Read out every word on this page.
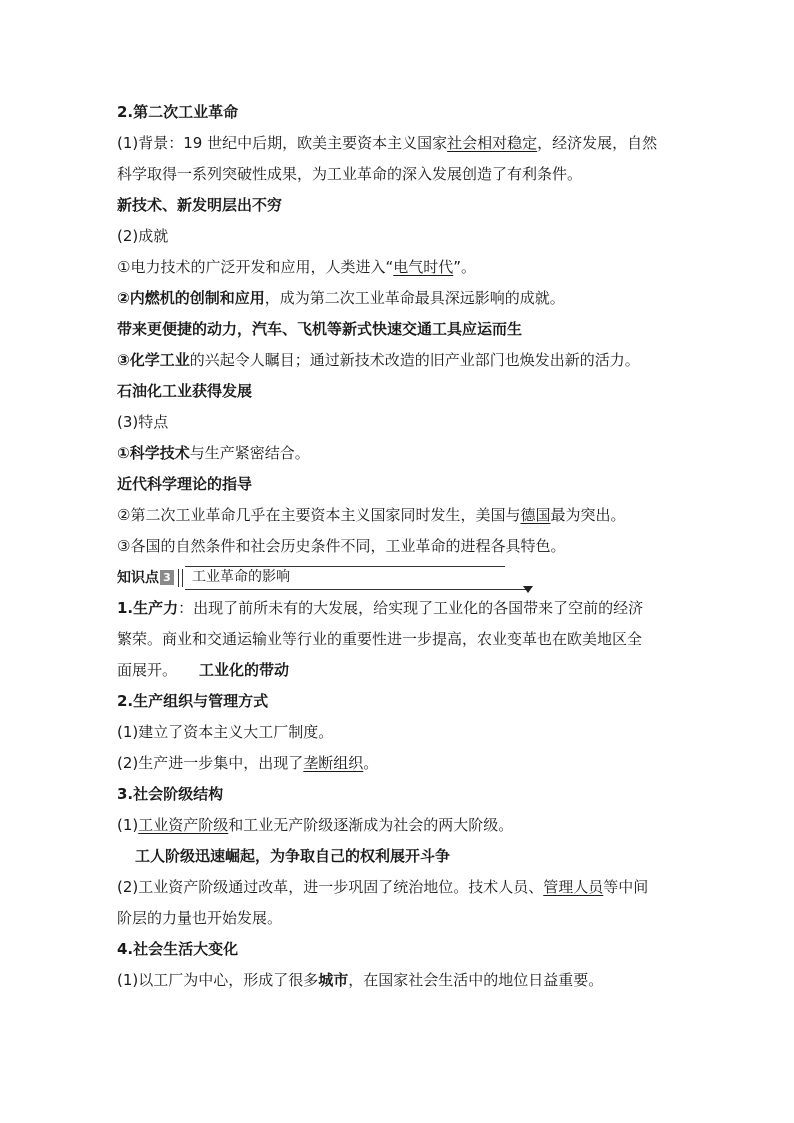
2.第二次工业革命
(1)背景：19 世纪中后期，欧美主要资本主义国家社会相对稳定，经济发展，自然
科学取得一系列突破性成果，为工业革命的深入发展创造了有利条件。
新技术、新发明层出不穷
(2)成就
①电力技术的广泛开发和应用，人类进入“电气时代”。
②内燃机的创制和应用，成为第二次工业革命最具深远影响的成就。
带来更便捷的动力，汽车、飞机等新式快速交通工具应运而生
③化学工业的兴起令人瞩目；通过新技术改造的旧产业部门也焕发出新的活力。
石油化工业获得发展
(3)特点
①科学技术与生产紧密结合。
近代科学理论的指导
②第二次工业革命几乎在主要资本主义国家同时发生，美国与德国最为突出。
③各国的自然条件和社会历史条件不同，工业革命的进程各具特色。
知识点 3 工业革命的影响
1.生产力：出现了前所未有的大发展，给实现了工业化的各国带来了空前的经济
繁荣。商业和交通运输业等行业的重要性进一步提高，农业变革也在欧美地区全
面展开。 工业化的带动
2.生产组织与管理方式
(1)建立了资本主义大工厂制度。
(2)生产进一步集中，出现了垄断组织。
3.社会阶级结构
(1)工业资产阶级和工业无产阶级逐渐成为社会的两大阶级。
工人阶级迅速崛起，为争取自己的权利展开斗争
(2)工业资产阶级通过改革，进一步巩固了统治地位。技术人员、管理人员等中间
阶层的力量也开始发展。
4.社会生活大变化
(1)以工厂为中心，形成了很多城市，在国家社会生活中的地位日益重要。
